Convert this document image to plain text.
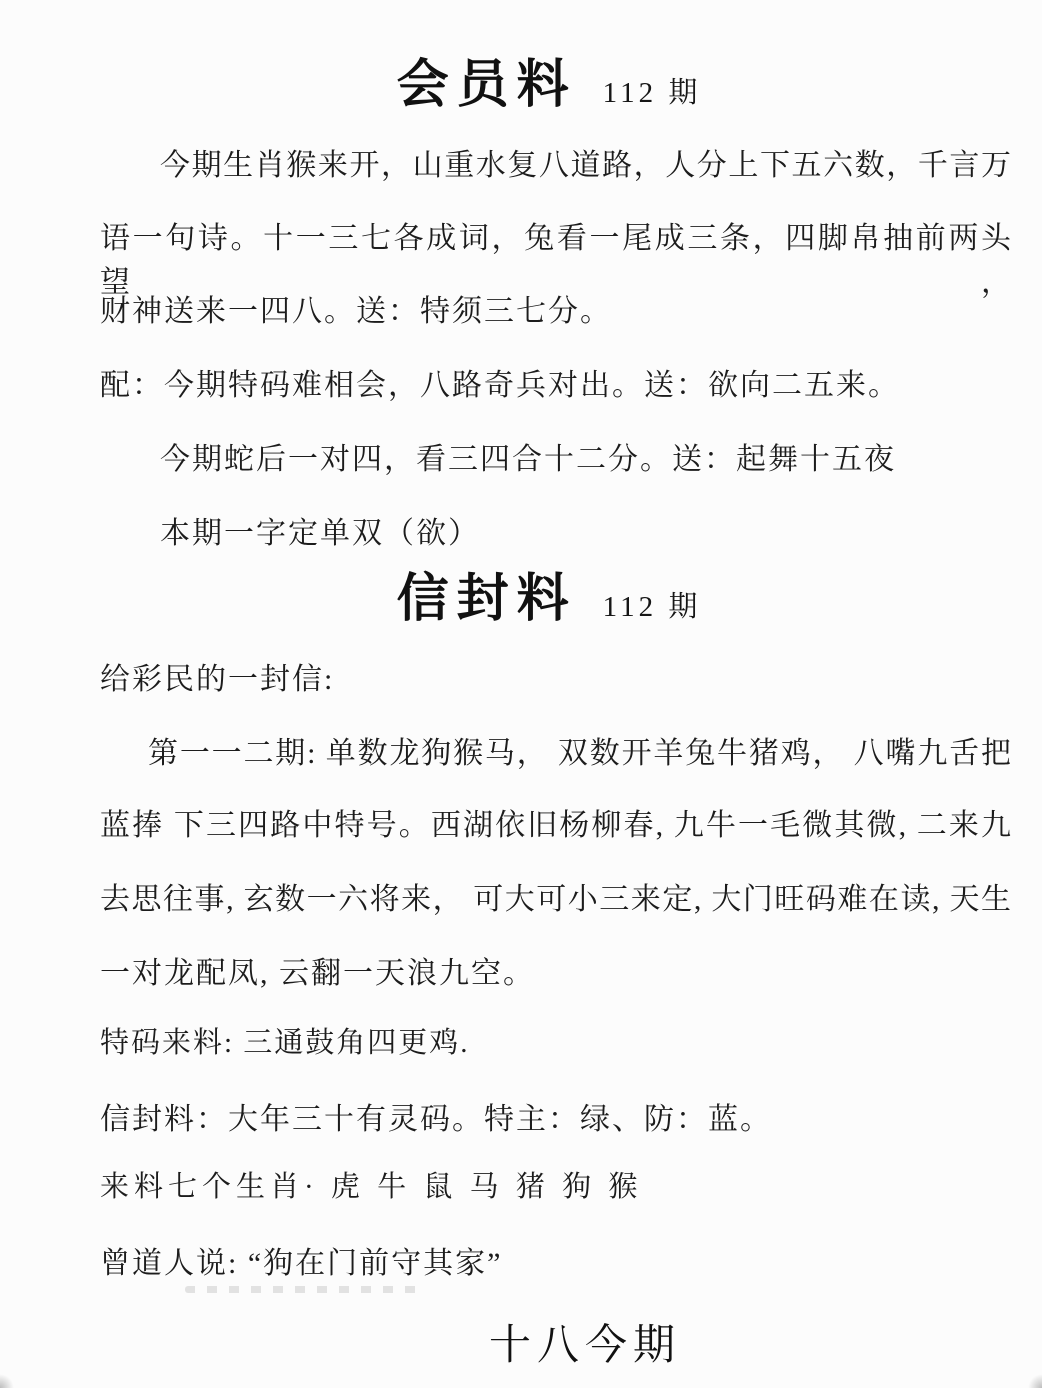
会员料 112 期
今期生肖猴来开，山重水复八道路，人分上下五六数，千言万
语一句诗。十一三七各成词，兔看一尾成三条，四脚帛抽前两头望，
财神送来一四八。送：特须三七分。
配：今期特码难相会，八路奇兵对出。送：欲向二五来。
今期蛇后一对四，看三四合十二分。送：起舞十五夜
本期一字定单双（欲）
信封料 112 期
给彩民的一封信:
第一一二期: 单数龙狗猴马， 双数开羊兔牛猪鸡， 八嘴九舌把
蓝捧 下三四路中特号。西湖依旧杨柳春, 九牛一毛微其微, 二来九
去思往事, 玄数一六将来， 可大可小三来定, 大门旺码难在读, 天生
一对龙配凤, 云翻一天浪九空。
特码来料: 三通鼓角四更鸡.
信封料：大年三十有灵码。特主：绿、防：蓝。
来料七个生肖· 虎 牛 鼠 马 猪 狗 猴
曾道人说: “狗在门前守其家”
十八今期
